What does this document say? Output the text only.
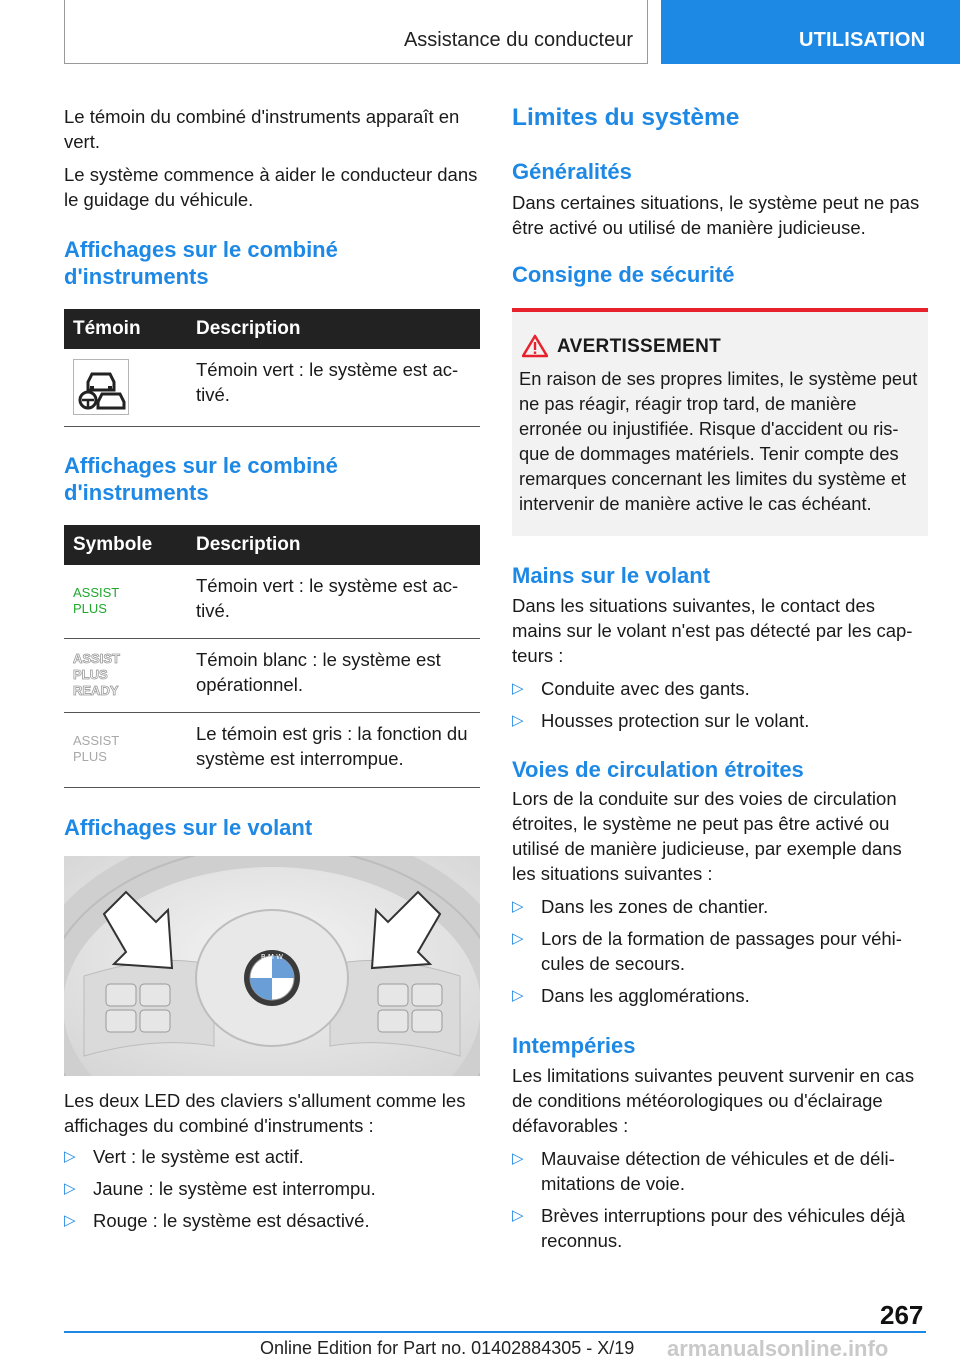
Assistance du conducteur	UTILISATION

Le témoin du combiné d'instruments apparaît en vert.

Le système commence à aider le conducteur dans le guidage du véhicule.

Affichages sur le combiné d'instruments
Témoin	Description

	Témoin vert : le système est ac- tivé.
Affichages sur le combiné d'instruments
Symbole	Description

ASSIST
PLUS	Témoin vert : le système est ac- tivé.

ASSIST
PLUS
READY	Témoin blanc : le système est opérationnel.

ASSIST
PLUS	Le témoin est gris : la fonction du système est interrompue.
Affichages sur le volant
B M W

Les deux LED des claviers s'allument comme les affichages du combiné d'instruments :

▷ Vert : le système est actif.
▷ Jaune : le système est interrompu.
▷ Rouge : le système est désactivé.
Limites du système
Généralités

Dans certaines situations, le système peut ne pas être activé ou utilisé de manière judicieuse.

Consigne de sécurité
AVERTISSEMENT

En raison de ses propres limites, le système peut ne pas réagir, réagir trop tard, de manière erronée ou injustifiée. Risque d'accident ou ris- que de dommages matériels. Tenir compte des remarques concernant les limites du système et intervenir de manière active le cas échéant.

Mains sur le volant

Dans les situations suivantes, le contact des mains sur le volant n'est pas détecté par les cap- teurs :

▷ Conduite avec des gants.
▷ Housses protection sur le volant.
Voies de circulation étroites

Lors de la conduite sur des voies de circulation étroites, le système ne peut pas être activé ou utilisé de manière judicieuse, par exemple dans les situations suivantes :

▷ Dans les zones de chantier.
▷ Lors de la formation de passages pour véhi- cules de secours.
▷ Dans les agglomérations.
Intempéries

Les limitations suivantes peuvent survenir en cas de conditions météorologiques ou d'éclairage défavorables :

▷ Mauvaise détection de véhicules et de déli- mitations de voie.
▷ Brèves interruptions pour des véhicules déjà reconnus.
267
Online Edition for Part no. 01402884305 - X/19 armanualsonline.info
